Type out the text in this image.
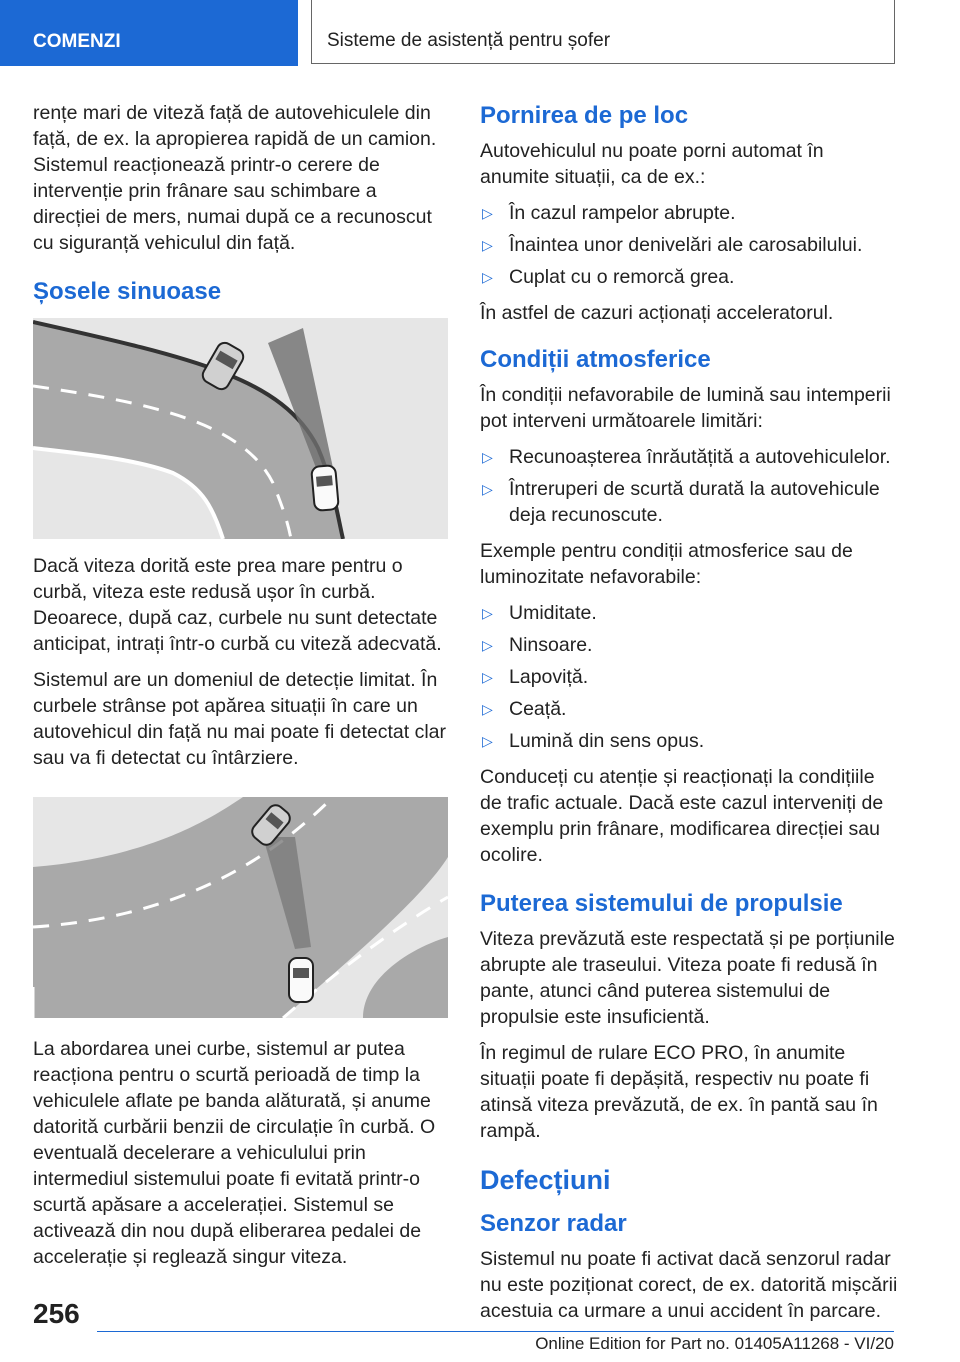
COMENZI	Sisteme de asistență pentru șofer

rențe mari de viteză față de autovehiculele din față, de ex. la apropierea rapidă de un camion. Sistemul reacționează printr-o cerere de intervenție prin frânare sau schimbare a direcției de mers, numai după ce a recunoscut cu siguranță vehiculul din față.

Șosele sinuoase

Dacă viteza dorită este prea mare pentru o curbă, viteza este redusă ușor în curbă. Deoarece, după caz, curbele nu sunt detectate anticipat, intrați într-o curbă cu viteză adecvată.

Sistemul are un domeniul de detecție limitat. În curbele strânse pot apărea situații în care un autovehicul din față nu mai poate fi detectat clar sau va fi detectat cu întârziere.

La abordarea unei curbe, sistemul ar putea reacționa pentru o scurtă perioadă de timp la vehiculele aflate pe banda alăturată, și anume datorită curbării benzii de circulație în curbă. O eventuală decelerare a vehiculului prin intermediul sistemului poate fi evitată printr-o scurtă apăsare a accelerației. Sistemul se activează din nou după eliberarea pedalei de accelerație și reglează singur viteza.

Pornirea de pe loc

Autovehiculul nu poate porni automat în anumite situații, ca de ex.:

▷ În cazul rampelor abrupte.
▷ Înaintea unor denivelări ale carosabilului.
▷ Cuplat cu o remorcă grea.

În astfel de cazuri acționați acceleratorul.

Condiții atmosferice

În condiții nefavorabile de lumină sau intemperii pot interveni următoarele limitări:

▷ Recunoașterea înrăutățită a autovehiculelor.
▷ Întreruperi de scurtă durată la autovehicule deja recunoscute.

Exemple pentru condiții atmosferice sau de luminozitate nefavorabile:

▷ Umiditate.
▷ Ninsoare.
▷ Lapoviță.
▷ Ceață.
▷ Lumină din sens opus.

Conduceți cu atenție și reacționați la condițiile de trafic actuale. Dacă este cazul interveniți de exemplu prin frânare, modificarea direcției sau ocolire.

Puterea sistemului de propulsie

Viteza prevăzută este respectată și pe porțiunile abrupte ale traseului. Viteza poate fi redusă în pante, atunci când puterea sistemului de propulsie este insuficientă.

În regimul de rulare ECO PRO, în anumite situații poate fi depășită, respectiv nu poate fi atinsă viteza prevăzută, de ex. în pantă sau în rampă.

Defecțiuni
Senzor radar

Sistemul nu poate fi activat dacă senzorul radar nu este poziționat corect, de ex. datorită mișcării acestuia ca urmare a unui accident în parcare.

256
Online Edition for Part no. 01405A11268 - VI/20
